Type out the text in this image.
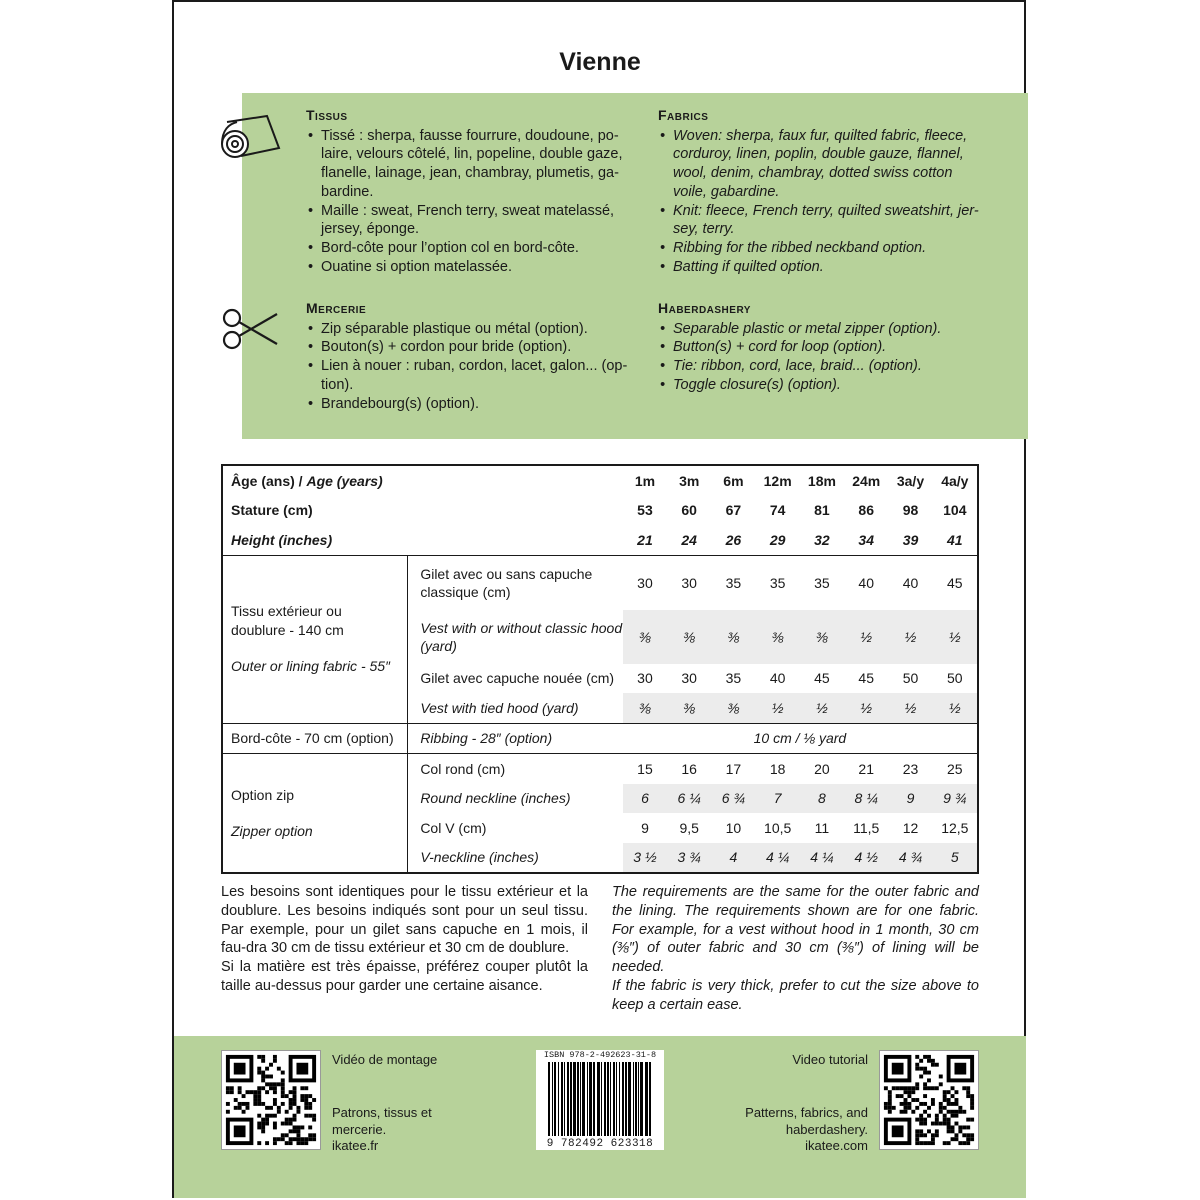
Vienne
Tissus
• Tissé : sherpa, fausse fourrure, doudoune, po-laire, velours côtelé, lin, popeline, double gaze, flanelle, lainage, jean, chambray, plumetis, ga-bardine.
• Maille : sweat, French terry, sweat matelassé, jersey, éponge.
• Bord-côte pour l’option col en bord-côte.
• Ouatine si option matelassée.
Fabrics
• Woven: sherpa, faux fur, quilted fabric, fleece, corduroy, linen, poplin, double gauze, flannel, wool, denim, chambray, dotted swiss cotton voile, gabardine.
• Knit: fleece, French terry, quilted sweatshirt, jer-sey, terry.
• Ribbing for the ribbed neckband option.
• Batting if quilted option.
Mercerie
• Zip séparable plastique ou métal (option).
• Bouton(s) + cordon pour bride (option).
• Lien à nouer : ruban, cordon, lacet, galon... (op-tion).
• Brandebourg(s) (option).
Haberdashery
• Separable plastic or metal zipper (option).
• Button(s) + cord for loop (option).
• Tie: ribbon, cord, lace, braid... (option).
• Toggle closure(s) (option).
Âge (ans) / Age (years)		1m	3m	6m	12m	18m	24m	3a/y	4a/y
Stature (cm)		53	60	67	74	81	86	98	104
Height (inches)		21	24	26	29	32	34	39	41

Tissu extérieur ou doublure - 140 cm
Outer or lining fabric - 55″	Gilet avec ou sans capuche classique (cm)	30	30	35	35	35	40	40	45
	Vest with or without classic hood (yard)	⅜	⅜	⅜	⅜	⅜	½	½	½
	Gilet avec capuche nouée (cm)	30	30	35	40	45	45	50	50
	Vest with tied hood (yard)	⅜	⅜	⅜	½	½	½	½	½
Bord-côte - 70 cm (option)	Ribbing - 28″ (option)	10 cm / ⅛ yard							

Option zip
Zipper option	Col rond (cm)	15	16	17	18	20	21	23	25
	Round neckline (inches)	6	6 ¼	6 ¾	7	8	8 ¼	9	9 ¾
	Col V (cm)	9	9,5	10	10,5	11	11,5	12	12,5
	V-neckline (inches)	3 ½	3 ¾	4	4 ¼	4 ¼	4 ½	4 ¾	5
Les besoins sont identiques pour le tissu extérieur et la doublure. Les besoins indiqués sont pour un seul tissu. Par exemple, pour un gilet sans capuche en 1 mois, il fau-dra 30 cm de tissu extérieur et 30 cm de doublure.
Si la matière est très épaisse, préférez couper plutôt la taille au-dessus pour garder une certaine aisance.
The requirements are the same for the outer fabric and the lining. The requirements shown are for one fabric. For example, for a vest without hood in 1 month, 30 cm (⅜″) of outer fabric and 30 cm (⅜″) of lining will be needed.
If the fabric is very thick, prefer to cut the size above to keep a certain ease.
Vidéo de montage
Patrons, tissus et mercerie.
ikatee.fr
ISBN 978-2-492623-31-8
9 782492 623318
Video tutorial
Patterns, fabrics, and haberdashery.
ikatee.com
